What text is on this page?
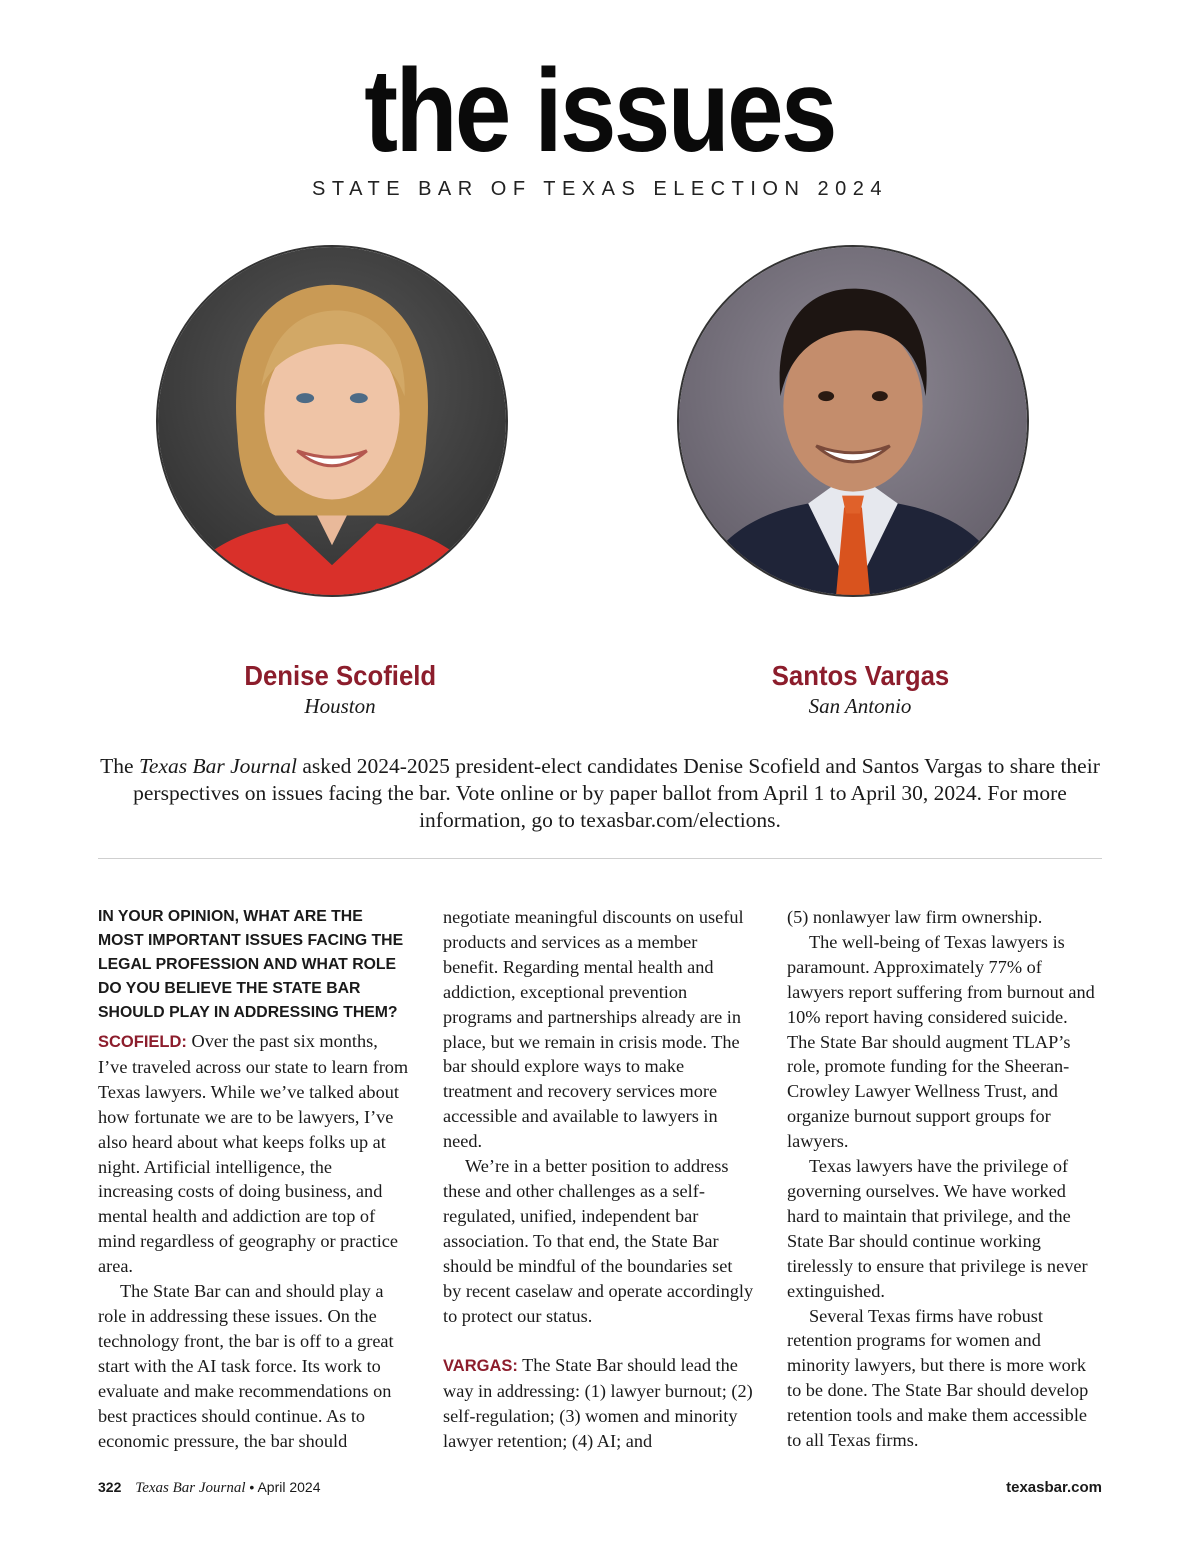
the issues
STATE BAR OF TEXAS ELECTION 2024
Denise Scofield
Houston
Santos Vargas
San Antonio

The Texas Bar Journal asked 2024-2025 president-elect candidates Denise Scofield and Santos Vargas to share their perspectives on issues facing the bar. Vote online or by paper ballot from April 1 to April 30, 2024. For more information, go to texasbar.com/elections.

IN YOUR OPINION, WHAT ARE THE MOST IMPORTANT ISSUES FACING THE LEGAL PROFESSION AND WHAT ROLE DO YOU BELIEVE THE STATE BAR SHOULD PLAY IN ADDRESSING THEM?

SCOFIELD: Over the past six months, I’ve traveled across our state to learn from Texas lawyers. While we’ve talked about how fortunate we are to be lawyers, I’ve also heard about what keeps folks up at night. Artificial intelligence, the increasing costs of doing business, and mental health and addiction are top of mind regardless of geography or practice area.

The State Bar can and should play a role in addressing these issues. On the technology front, the bar is off to a great start with the AI task force. Its work to evaluate and make recommendations on best practices should continue. As to economic pressure, the bar should

negotiate meaningful discounts on useful products and services as a member benefit. Regarding mental health and addiction, exceptional prevention programs and partnerships already are in place, but we remain in crisis mode. The bar should explore ways to make treatment and recovery services more accessible and available to lawyers in need.

We’re in a better position to address these and other challenges as a self-regulated, unified, independent bar association. To that end, the State Bar should be mindful of the boundaries set by recent caselaw and operate accordingly to protect our status.

VARGAS: The State Bar should lead the way in addressing: (1) lawyer burnout; (2) self-regulation; (3) women and minority lawyer retention; (4) AI; and

(5) nonlawyer law firm ownership.

The well-being of Texas lawyers is paramount. Approximately 77% of lawyers report suffering from burnout and 10% report having considered suicide. The State Bar should augment TLAP’s role, promote funding for the Sheeran-Crowley Lawyer Wellness Trust, and organize burnout support groups for lawyers.

Texas lawyers have the privilege of governing ourselves. We have worked hard to maintain that privilege, and the State Bar should continue working tirelessly to ensure that privilege is never extinguished.

Several Texas firms have robust retention programs for women and minority lawyers, but there is more work to be done. The State Bar should develop retention tools and make them accessible to all Texas firms.

322 Texas Bar Journal • April 2024	texasbar.com
